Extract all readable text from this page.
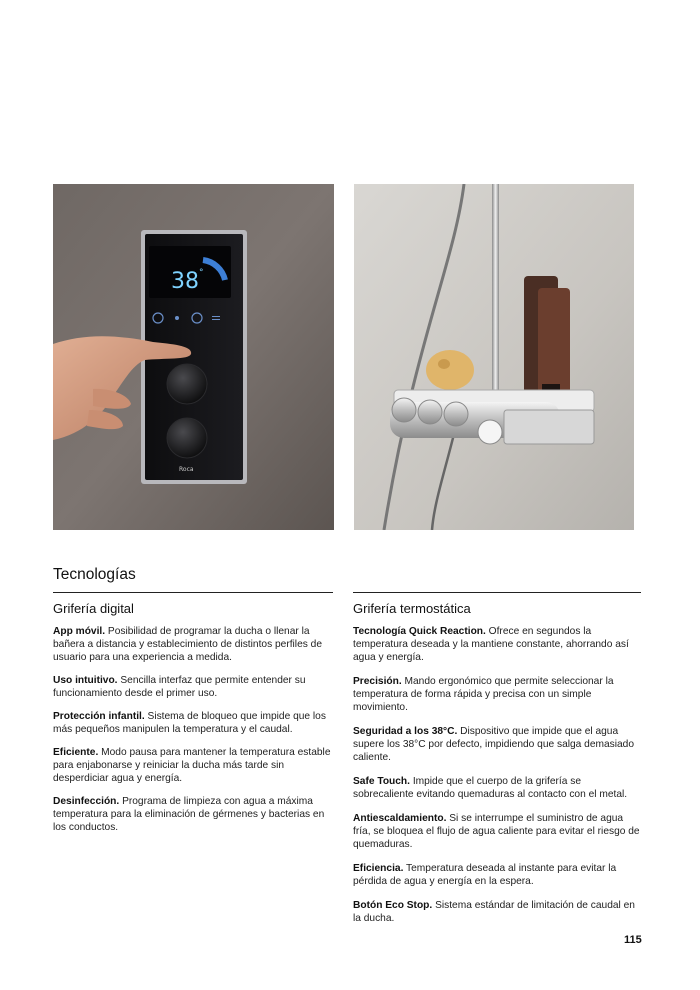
38 °
Roca
Tecnologías
Grifería digital

App móvil. Posibilidad de programar la ducha o llenar la bañera a distancia y establecimiento de distintos perfiles de usuario para una experiencia a medida.

Uso intuitivo. Sencilla interfaz que permite entender su funcionamiento desde el primer uso.

Protección infantil. Sistema de bloqueo que impide que los más pequeños manipulen la temperatura y el caudal.

Eficiente. Modo pausa para mantener la temperatura estable para enjabonarse y reiniciar la ducha más tarde sin desperdiciar agua y energía.

Desinfección. Programa de limpieza con agua a máxima temperatura para la eliminación de gérmenes y bacterias en los conductos.

Grifería termostática

Tecnología Quick Reaction. Ofrece en segundos la temperatura deseada y la mantiene constante, ahorrando así agua y energía.

Precisión. Mando ergonómico que permite seleccionar la temperatura de forma rápida y precisa con un simple movimiento.

Seguridad a los 38°C. Dispositivo que impide que el agua supere los 38°C por defecto, impidiendo que salga demasiado caliente.

Safe Touch. Impide que el cuerpo de la grifería se sobrecaliente evitando quemaduras al contacto con el metal.

Antiescaldamiento. Si se interrumpe el suministro de agua fría, se bloquea el flujo de agua caliente para evitar el riesgo de quemaduras.

Eficiencia. Temperatura deseada al instante para evitar la pérdida de agua y energía en la espera.

Botón Eco Stop. Sistema estándar de limitación de caudal en la ducha.

115
